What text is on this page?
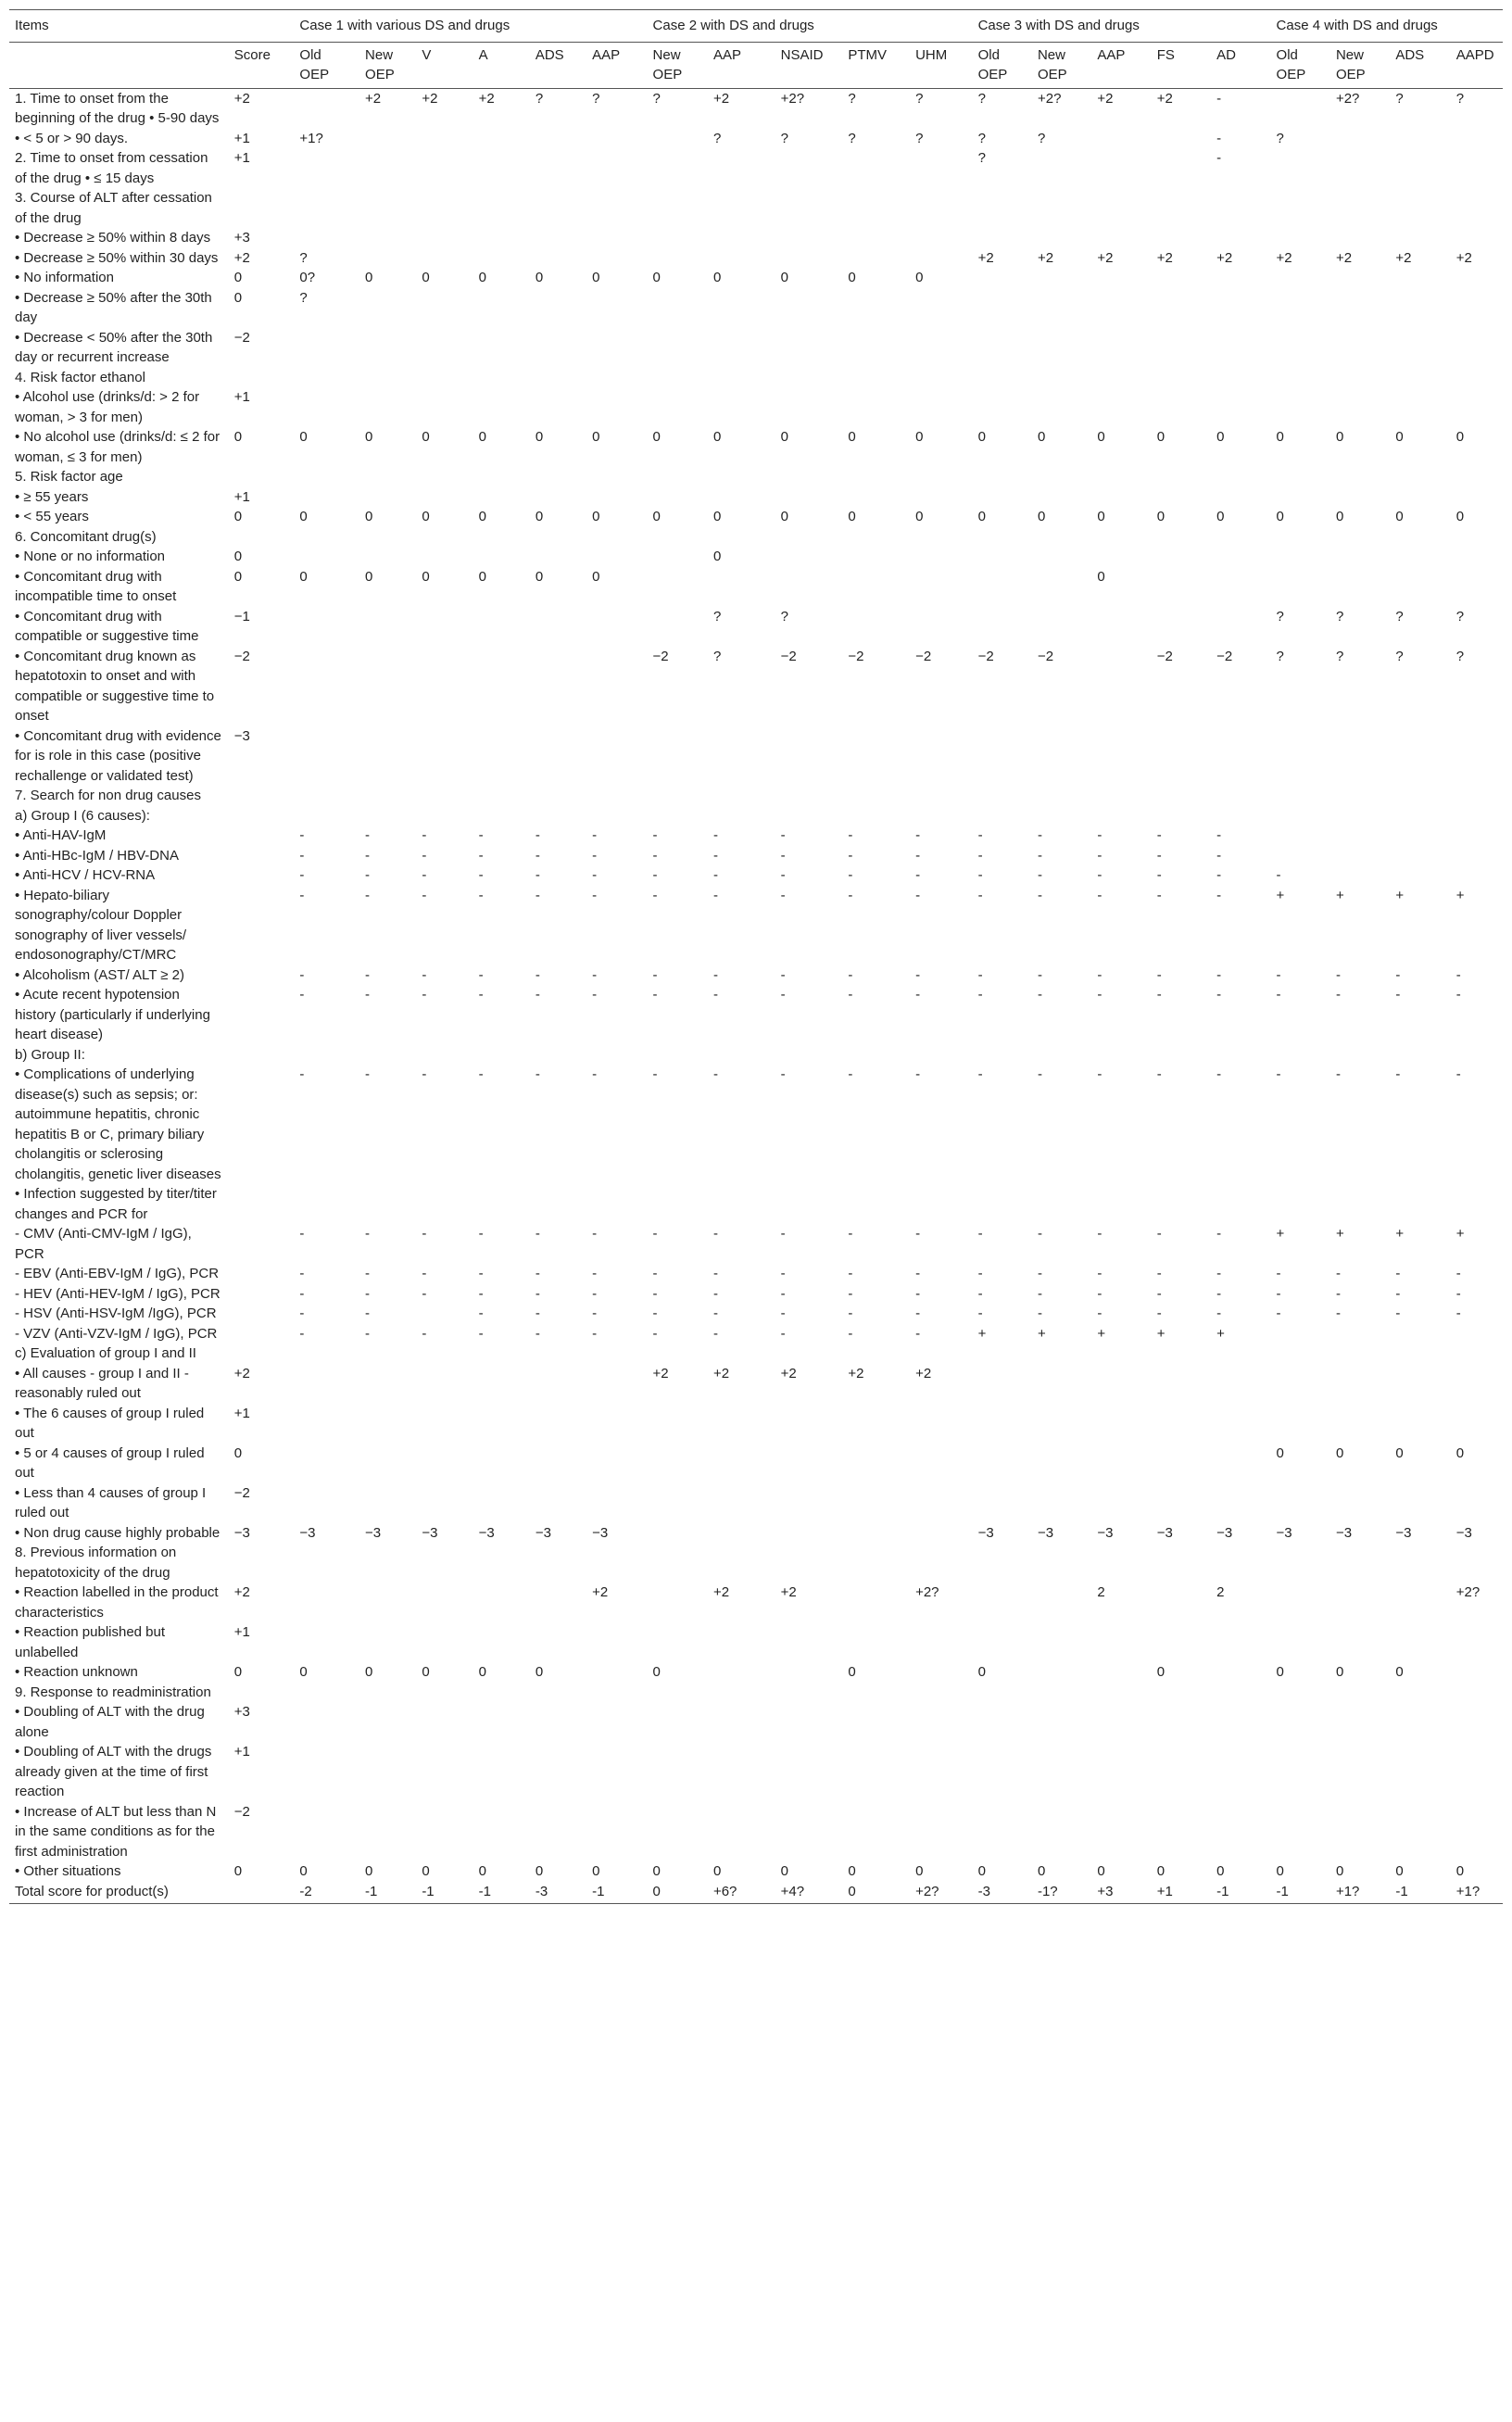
Items		Case 1 with various DS and drugs						Case 2 with DS and drugs					Case 3 with DS and drugs					Case 4 with DS and drugs			
	Score	Old OEP	New OEP	V	A	ADS	AAP	New OEP	AAP	NSAID	PTMV	UHM	Old OEP	New OEP	AAP	FS	AD	Old OEP	New OEP	ADS	AAPD
1. Time to onset from the beginning of the drug • 5-90 days	+2		+2	+2	+2	?	?	?	+2	+2?	?	?	?	+2?	+2	+2	-		+2?	?	?
• < 5 or > 90 days.	+1	+1?							?	?	?	?	?	?			-	?			
2. Time to onset from cessation of the drug • ≤ 15 days	+1												?				-				
3. Course of ALT after cessation of the drug																					
• Decrease ≥ 50% within 8 days	+3																				
• Decrease ≥ 50% within 30 days	+2	?											+2	+2	+2	+2	+2	+2	+2	+2	+2
• No information	0	0?	0	0	0	0	0	0	0	0	0	0									
• Decrease ≥ 50% after the 30th day	0	?																			
• Decrease < 50% after the 30th day or recurrent increase	−2																				
4. Risk factor ethanol																					
• Alcohol use (drinks/d: > 2 for woman, > 3 for men)	+1																				
• No alcohol use (drinks/d: ≤ 2 for woman, ≤ 3 for men)	0	0	0	0	0	0	0	0	0	0	0	0	0	0	0	0	0	0	0	0	0
5. Risk factor age																					
• ≥ 55 years	+1																				
• < 55 years	0	0	0	0	0	0	0	0	0	0	0	0	0	0	0	0	0	0	0	0	0
6. Concomitant drug(s)																					
• None or no information	0								0												
• Concomitant drug with incompatible time to onset	0	0	0	0	0	0	0								0						
• Concomitant drug with compatible or suggestive time	−1								?	?								?	?	?	?
• Concomitant drug known as hepatotoxin to onset and with compatible or suggestive time to onset	−2							−2	?	−2	−2	−2	−2	−2		−2	−2	?	?	?	?
• Concomitant drug with evidence for is role in this case (positive rechallenge or validated test)	−3																				
7. Search for non drug causes																					
a) Group I (6 causes):																					
• Anti-HAV-IgM		-	-	-	-	-	-	-	-	-	-	-	-	-	-	-	-				
• Anti-HBc-IgM / HBV-DNA		-	-	-	-	-	-	-	-	-	-	-	-	-	-	-	-				
• Anti-HCV / HCV-RNA		-	-	-	-	-	-	-	-	-	-	-	-	-	-	-	-	-			
• Hepato-biliary sonography/colour Doppler sonography of liver vessels/ endosonography/CT/MRC		-	-	-	-	-	-	-	-	-	-	-	-	-	-	-	-	+	+	+	+
• Alcoholism (AST/ ALT ≥ 2)		-	-	-	-	-	-	-	-	-	-	-	-	-	-	-	-	-	-	-	-
• Acute recent hypotension history (particularly if underlying heart disease)		-	-	-	-	-	-	-	-	-	-	-	-	-	-	-	-	-	-	-	-
b) Group II:																					
• Complications of underlying disease(s) such as sepsis; or: autoimmune hepatitis, chronic hepatitis B or C, primary biliary cholangitis or sclerosing cholangitis, genetic liver diseases		-	-	-	-	-	-	-	-	-	-	-	-	-	-	-	-	-	-	-	-
• Infection suggested by titer/titer changes and PCR for																					
- CMV (Anti-CMV-IgM / IgG), PCR		-	-	-	-	-	-	-	-	-	-	-	-	-	-	-	-	+	+	+	+
- EBV (Anti-EBV-IgM / IgG), PCR		-	-	-	-	-	-	-	-	-	-	-	-	-	-	-	-	-	-	-	-
- HEV (Anti-HEV-IgM / IgG), PCR		-	-	-	-	-	-	-	-	-	-	-	-	-	-	-	-	-	-	-	-
- HSV (Anti-HSV-IgM /IgG), PCR		-	-		-	-	-	-	-	-	-	-	-	-	-	-	-	-	-	-	-
- VZV (Anti-VZV-IgM / IgG), PCR		-	-	-	-	-	-	-	-	-	-	-	+	+	+	+	+				
c) Evaluation of group I and II																					
• All causes - group I and II - reasonably ruled out	+2							+2	+2	+2	+2	+2									
• The 6 causes of group I ruled out	+1																				
• 5 or 4 causes of group I ruled out	0																	0	0	0	0
• Less than 4 causes of group I ruled out	−2																				
• Non drug cause highly probable	−3	−3	−3	−3	−3	−3	−3						−3	−3	−3	−3	−3	−3	−3	−3	−3
8. Previous information on hepatotoxicity of the drug																					
• Reaction labelled in the product characteristics	+2						+2		+2	+2		+2?			2		2				+2?
• Reaction published but unlabelled	+1																				
• Reaction unknown	0	0	0	0	0	0		0			0		0			0		0	0	0	
9. Response to readministration																					
• Doubling of ALT with the drug alone	+3																				
• Doubling of ALT with the drugs already given at the time of first reaction	+1																				
• Increase of ALT but less than N in the same conditions as for the first administration	−2																				
• Other situations	0	0	0	0	0	0	0	0	0	0	0	0	0	0	0	0	0	0	0	0	0
Total score for product(s)		-2	-1	-1	-1	-3	-1	0	+6?	+4?	0	+2?	-3	-1?	+3	+1	-1	-1	+1?	-1	+1?
